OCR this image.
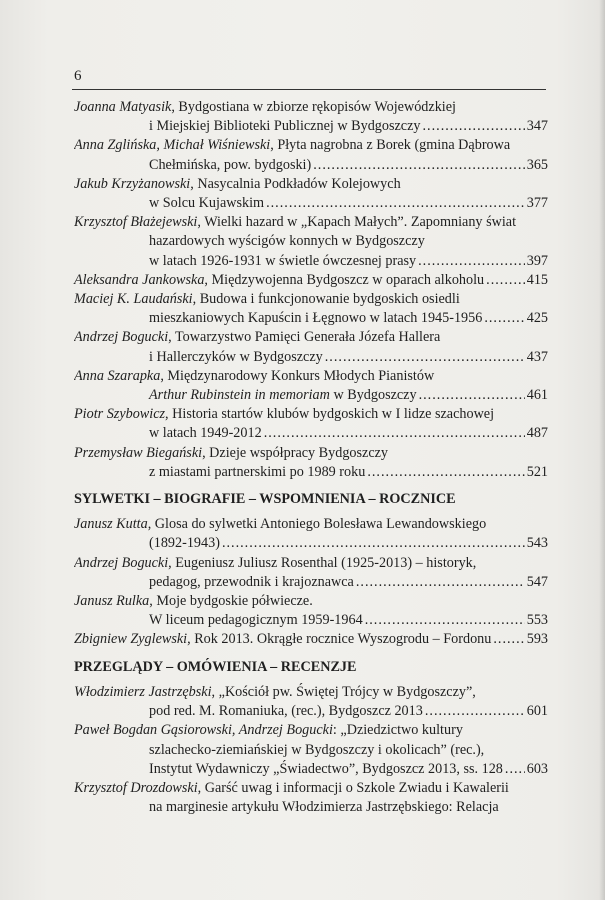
6
Joanna Matyasik, Bydgostiana w zbiorze rękopisów Wojewódzkiej
i Miejskiej Biblioteki Publicznej w Bydgoszczy .....	347
Anna Zglińska, Michał Wiśniewski, Płyta nagrobna z Borek (gmina Dąbrowa
Chełmińska, pow. bydgoski) .....	365
Jakub Krzyżanowski, Nasycalnia Podkładów Kolejowych
w Solcu Kujawskim .....	377
Krzysztof Błażejewski, Wielki hazard w „Kapach Małych”. Zapomniany świat
hazardowych wyścigów konnych w Bydgoszczy
w latach 1926-1931 w świetle ówczesnej prasy .....	397
Aleksandra Jankowska, Międzywojenna Bydgoszcz w oparach alkoholu .....	415
Maciej K. Laudański, Budowa i funkcjonowanie bydgoskich osiedli
mieszkaniowych Kapuścin i Łęgnowo w latach 1945-1956 .....	425
Andrzej Bogucki, Towarzystwo Pamięci Generała Józefa Hallera
i Hallerczyków w Bydgoszczy .....	437
Anna Szarapka, Międzynarodowy Konkurs Młodych Pianistów
Arthur Rubinstein in memoriam w Bydgoszczy .....	461
Piotr Szybowicz, Historia startów klubów bydgoskich w I lidze szachowej
w latach 1949-2012 .....	487
Przemysław Biegański, Dzieje współpracy Bydgoszczy
z miastami partnerskimi po 1989 roku .....	521
SYLWETKI – BIOGRAFIE – WSPOMNIENIA – ROCZNICE
Janusz Kutta, Glosa do sylwetki Antoniego Bolesława Lewandowskiego
(1892-1943) .....	543
Andrzej Bogucki, Eugeniusz Juliusz Rosenthal (1925-2013) – historyk,
pedagog, przewodnik i krajoznawca .....	547
Janusz Rulka, Moje bydgoskie półwiecze.
W liceum pedagogicznym 1959-1964 .....	553
Zbigniew Zyglewski, Rok 2013. Okrągłe rocznice Wyszogrodu – Fordonu ..... 593
PRZEGLĄDY – OMÓWIENIA – RECENZJE
Włodzimierz Jastrzębski, „Kościół pw. Świętej Trójcy w Bydgoszczy”,
pod red. M. Romaniuka, (rec.), Bydgoszcz 2013 .....	601
Paweł Bogdan Gąsiorowski, Andrzej Bogucki: „Dziedzictwo kultury
szlachecko-ziemiańskiej w Bydgoszczy i okolicach” (rec.),
Instytut Wydawniczy „Świadectwo”, Bydgoszcz 2013, ss. 128 ..... 603
Krzysztof Drozdowski, Garść uwag i informacji o Szkole Zwiadu i Kawalerii
na marginesie artykułu Włodzimierza Jastrzębskiego: Relacja
